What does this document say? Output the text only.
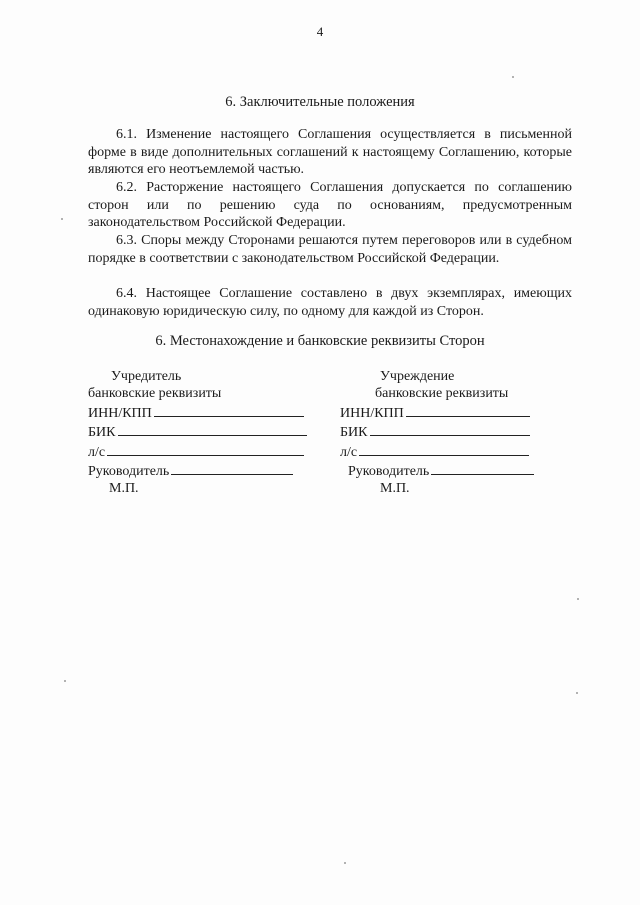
4
6. Заключительные положения

6.1. Изменение настоящего Соглашения осуществляется в письменной форме в виде дополнительных соглашений к настоящему Соглашению, которые являются его неотъемлемой частью.

6.2. Расторжение настоящего Соглашения допускается по соглашению сторон или по решению суда по основаниям, предусмотренным законодательством Российской Федерации.

6.3. Споры между Сторонами решаются путем переговоров или в судебном порядке в соответствии с законодательством Российской Федерации.

6.4. Настоящее Соглашение составлено в двух экземплярах, имеющих одинаковую юридическую силу, по одному для каждой из Сторон.

6. Местонахождение и банковские реквизиты Сторон
Учредитель
банковские реквизиты
ИНН/КПП
БИК
л/с
Руководитель
М.П.
Учреждение
банковские реквизиты
ИНН/КПП
БИК
л/с
Руководитель
М.П.
